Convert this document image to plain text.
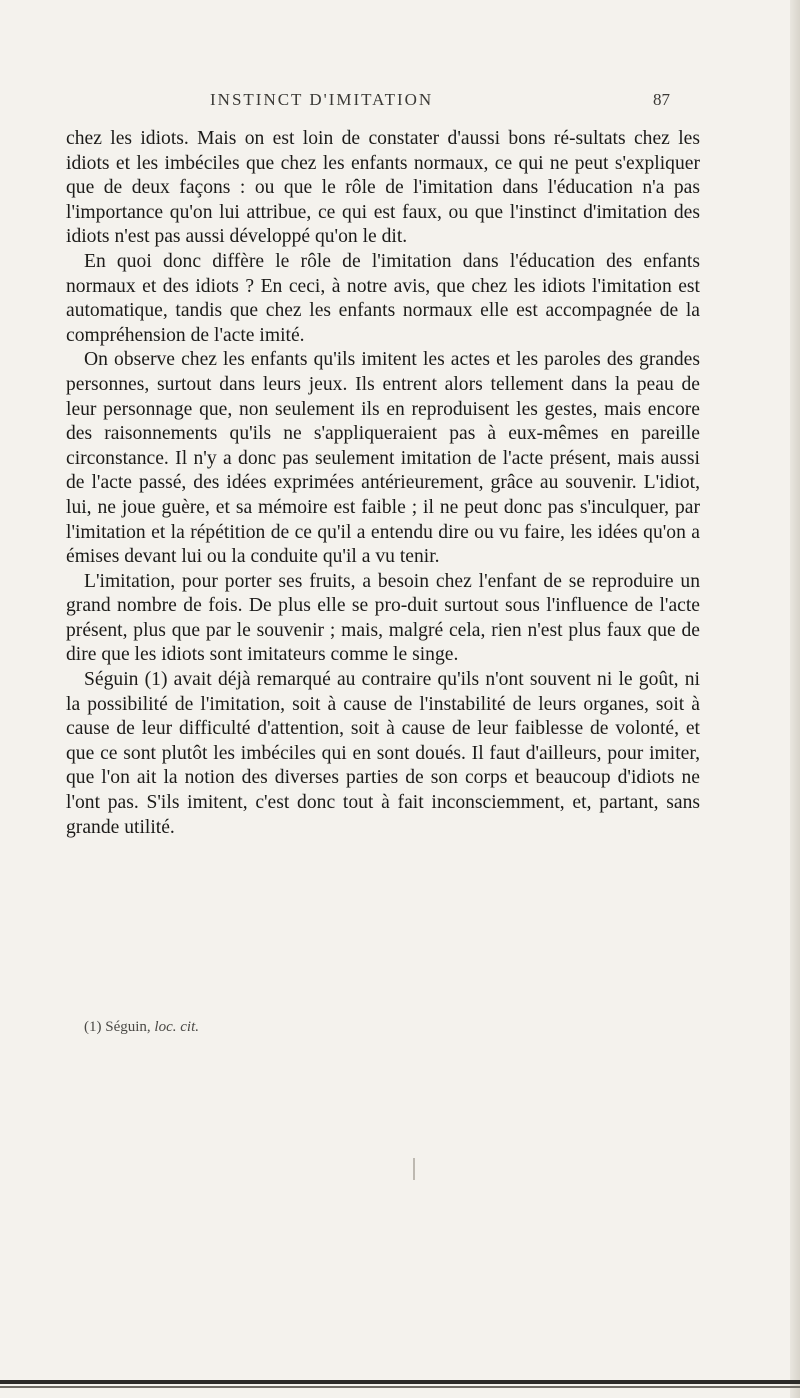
INSTINCT D'IMITATION	87

chez les idiots. Mais on est loin de constater d'aussi bons ré-sultats chez les idiots et les imbéciles que chez les enfants normaux, ce qui ne peut s'expliquer que de deux façons : ou que le rôle de l'imitation dans l'éducation n'a pas l'importance qu'on lui attribue, ce qui est faux, ou que l'instinct d'imitation des idiots n'est pas aussi développé qu'on le dit.

En quoi donc diffère le rôle de l'imitation dans l'éducation des enfants normaux et des idiots ? En ceci, à notre avis, que chez les idiots l'imitation est automatique, tandis que chez les enfants normaux elle est accompagnée de la compréhension de l'acte imité.

On observe chez les enfants qu'ils imitent les actes et les paroles des grandes personnes, surtout dans leurs jeux. Ils entrent alors tellement dans la peau de leur personnage que, non seulement ils en reproduisent les gestes, mais encore des raisonnements qu'ils ne s'appliqueraient pas à eux-mêmes en pareille circonstance. Il n'y a donc pas seulement imitation de l'acte présent, mais aussi de l'acte passé, des idées exprimées antérieurement, grâce au souvenir. L'idiot, lui, ne joue guère, et sa mémoire est faible ; il ne peut donc pas s'inculquer, par l'imitation et la répétition de ce qu'il a entendu dire ou vu faire, les idées qu'on a émises devant lui ou la conduite qu'il a vu tenir.

L'imitation, pour porter ses fruits, a besoin chez l'enfant de se reproduire un grand nombre de fois. De plus elle se pro-duit surtout sous l'influence de l'acte présent, plus que par le souvenir ; mais, malgré cela, rien n'est plus faux que de dire que les idiots sont imitateurs comme le singe.

Séguin (1) avait déjà remarqué au contraire qu'ils n'ont souvent ni le goût, ni la possibilité de l'imitation, soit à cause de l'instabilité de leurs organes, soit à cause de leur difficulté d'attention, soit à cause de leur faiblesse de volonté, et que ce sont plutôt les imbéciles qui en sont doués. Il faut d'ailleurs, pour imiter, que l'on ait la notion des diverses parties de son corps et beaucoup d'idiots ne l'ont pas. S'ils imitent, c'est donc tout à fait inconsciemment, et, partant, sans grande utilité.

(1) Séguin, loc. cit.
